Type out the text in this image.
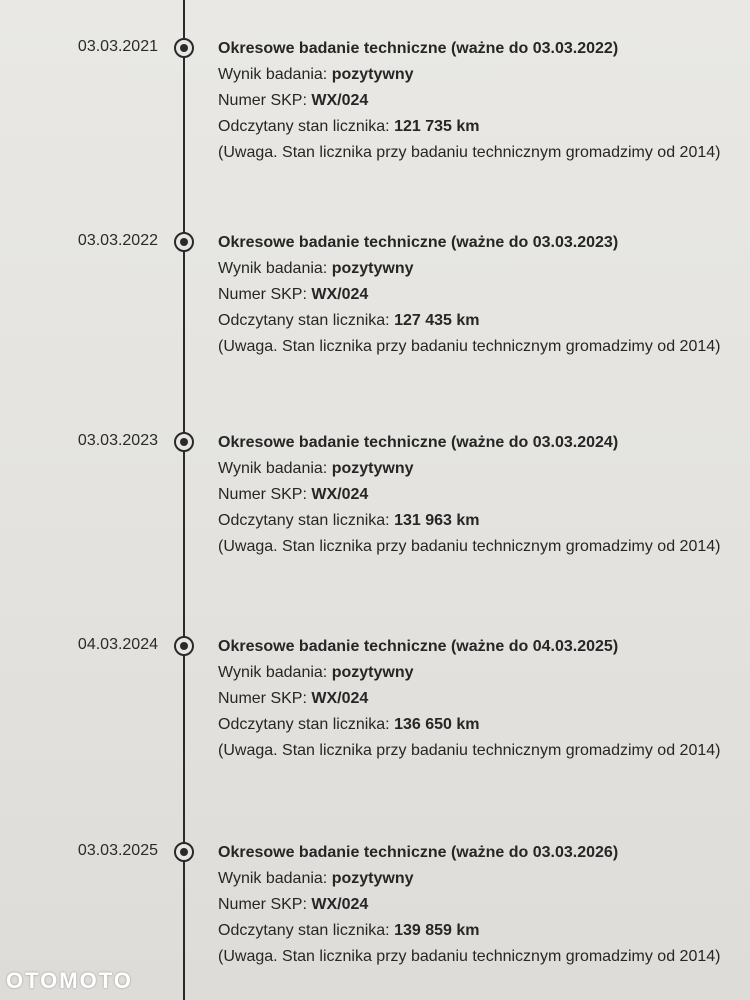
03.03.2021	Okresowe badanie techniczne (ważne do 03.03.2022)
Wynik badania: pozytywny
Numer SKP: WX/024
Odczytany stan licznika: 121 735 km
(Uwaga. Stan licznika przy badaniu technicznym gromadzimy od 2014)
03.03.2022	Okresowe badanie techniczne (ważne do 03.03.2023)
Wynik badania: pozytywny
Numer SKP: WX/024
Odczytany stan licznika: 127 435 km
(Uwaga. Stan licznika przy badaniu technicznym gromadzimy od 2014)
03.03.2023	Okresowe badanie techniczne (ważne do 03.03.2024)
Wynik badania: pozytywny
Numer SKP: WX/024
Odczytany stan licznika: 131 963 km
(Uwaga. Stan licznika przy badaniu technicznym gromadzimy od 2014)
04.03.2024	Okresowe badanie techniczne (ważne do 04.03.2025)
Wynik badania: pozytywny
Numer SKP: WX/024
Odczytany stan licznika: 136 650 km
(Uwaga. Stan licznika przy badaniu technicznym gromadzimy od 2014)
03.03.2025	Okresowe badanie techniczne (ważne do 03.03.2026)
Wynik badania: pozytywny
Numer SKP: WX/024
Odczytany stan licznika: 139 859 km
(Uwaga. Stan licznika przy badaniu technicznym gromadzimy od 2014)
OTOMOTO
